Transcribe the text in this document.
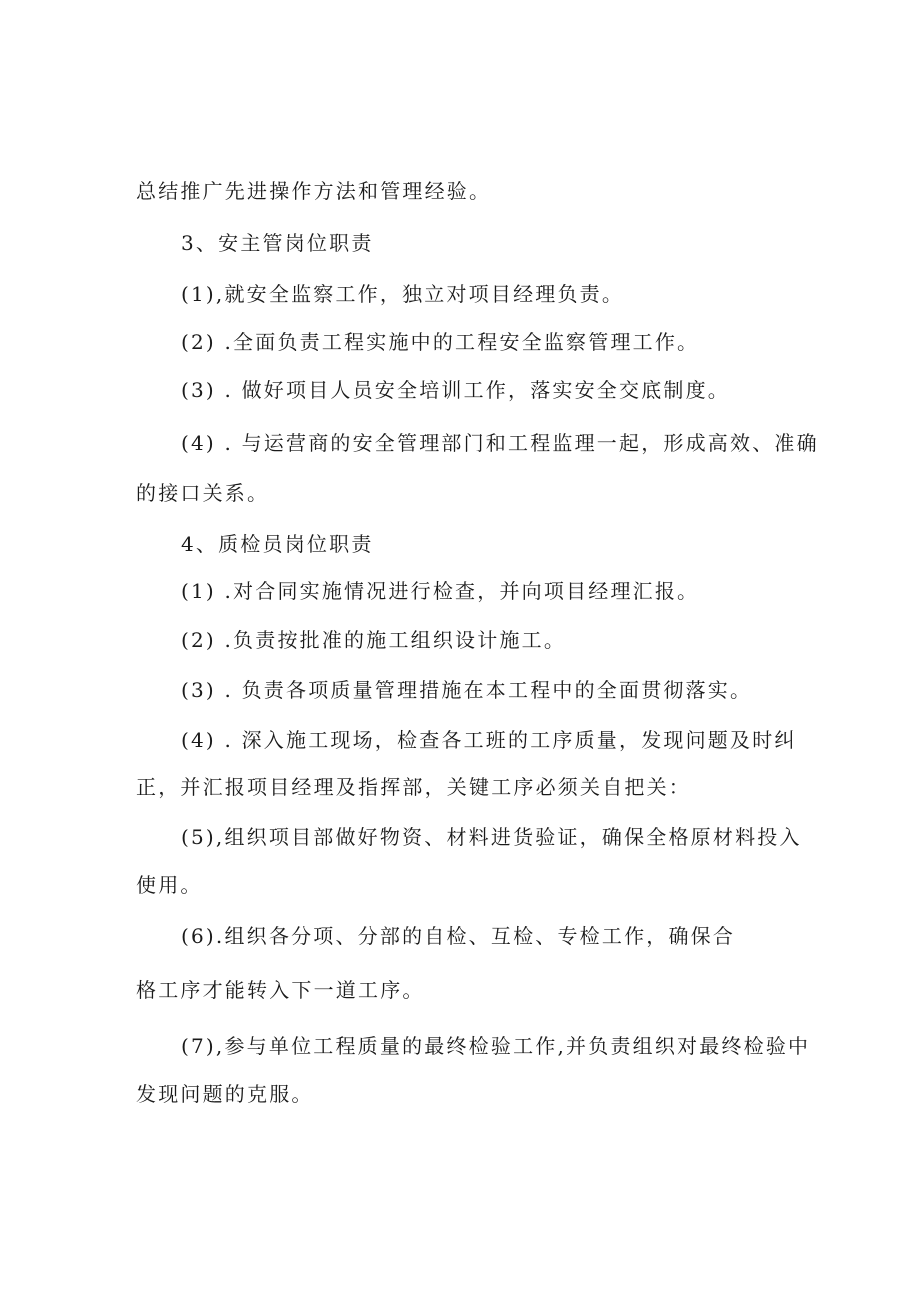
总结推广先进操作方法和管理经验。

3、安主管岗位职责

(1),就安全监察工作，独立对项目经理负责。

(2) .全面负责工程实施中的工程安全监察管理工作。

(3) . 做好项目人员安全培训工作，落实安全交底制度。

(4) . 与运营商的安全管理部门和工程监理一起，形成高效、准确

的接口关系。

4、质检员岗位职责

(1) .对合同实施情况进行检查，并向项目经理汇报。

(2) .负责按批准的施工组织设计施工。

(3) . 负责各项质量管理措施在本工程中的全面贯彻落实。

(4) . 深入施工现场，检查各工班的工序质量，发现问题及时纠

正，并汇报项目经理及指挥部，关键工序必须关自把关：

(5),组织项目部做好物资、材料进货验证，确保全格原材料投入

使用。

(6).组织各分项、分部的自检、互检、专检工作，确保合

格工序才能转入下一道工序。

(7),参与单位工程质量的最终检验工作,并负责组织对最终检验中

发现问题的克服。
